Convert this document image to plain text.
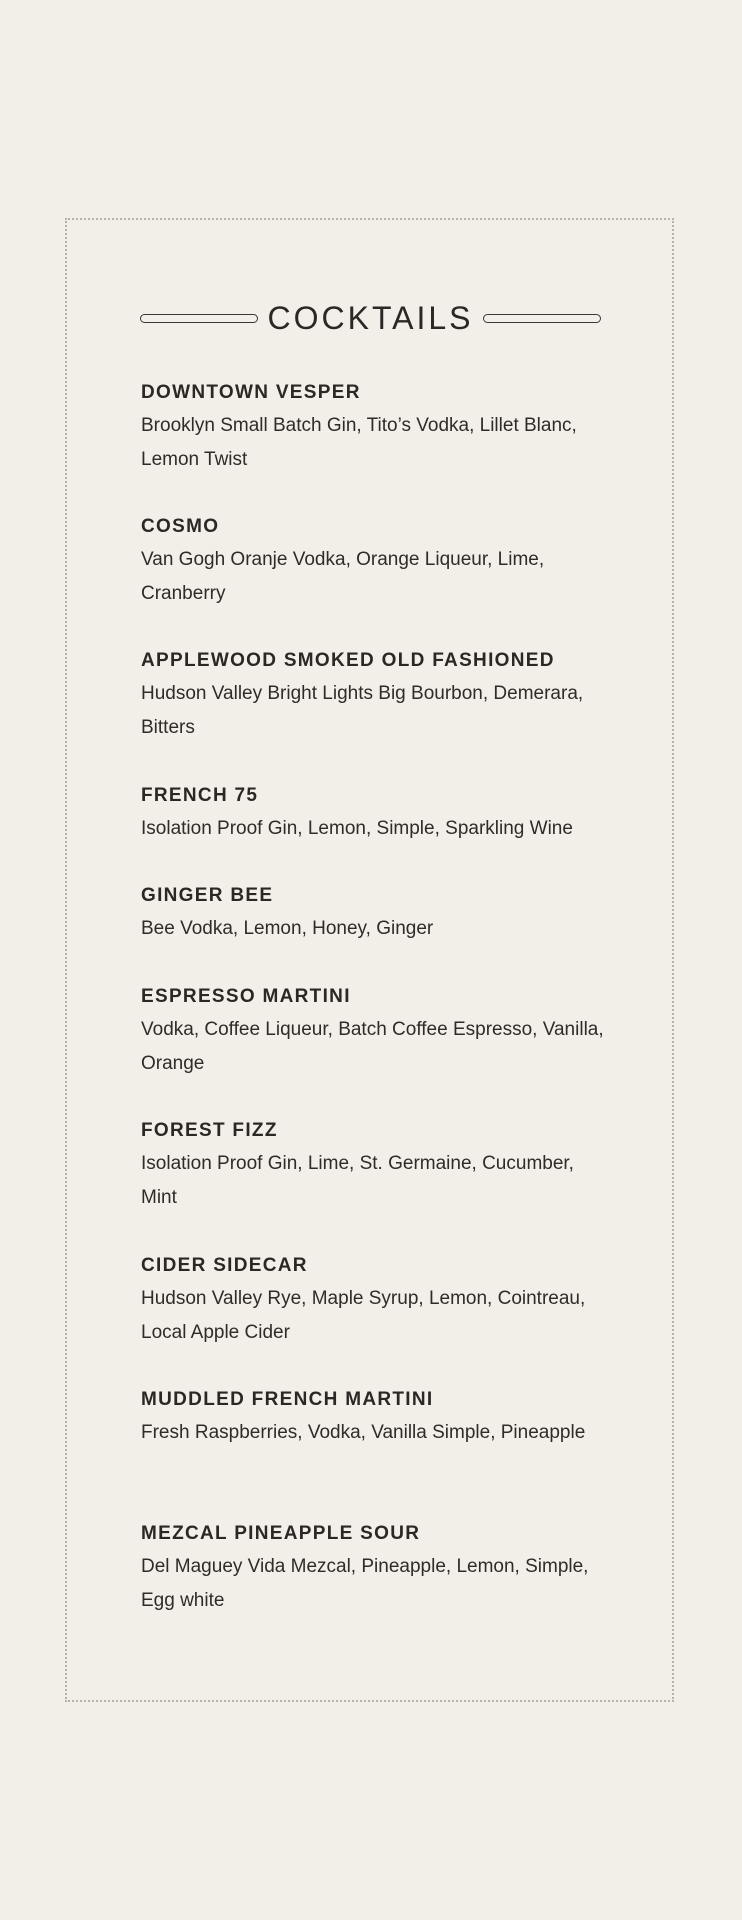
COCKTAILS
DOWNTOWN VESPER
Brooklyn Small Batch Gin, Tito’s Vodka, Lillet Blanc, Lemon Twist
COSMO
Van Gogh Oranje Vodka, Orange Liqueur, Lime, Cranberry
APPLEWOOD SMOKED OLD FASHIONED
Hudson Valley Bright Lights Big Bourbon, Demerara, Bitters
FRENCH 75
Isolation Proof Gin, Lemon, Simple, Sparkling Wine
GINGER BEE
Bee Vodka, Lemon, Honey, Ginger
ESPRESSO MARTINI
Vodka, Coffee Liqueur, Batch Coffee Espresso, Vanilla, Orange
FOREST FIZZ
Isolation Proof Gin, Lime, St. Germaine, Cucumber, Mint
CIDER SIDECAR
Hudson Valley Rye, Maple Syrup, Lemon, Cointreau, Local Apple Cider
MUDDLED FRENCH MARTINI
Fresh Raspberries, Vodka, Vanilla Simple, Pineapple
MEZCAL PINEAPPLE SOUR
Del Maguey Vida Mezcal, Pineapple, Lemon, Simple, Egg white
